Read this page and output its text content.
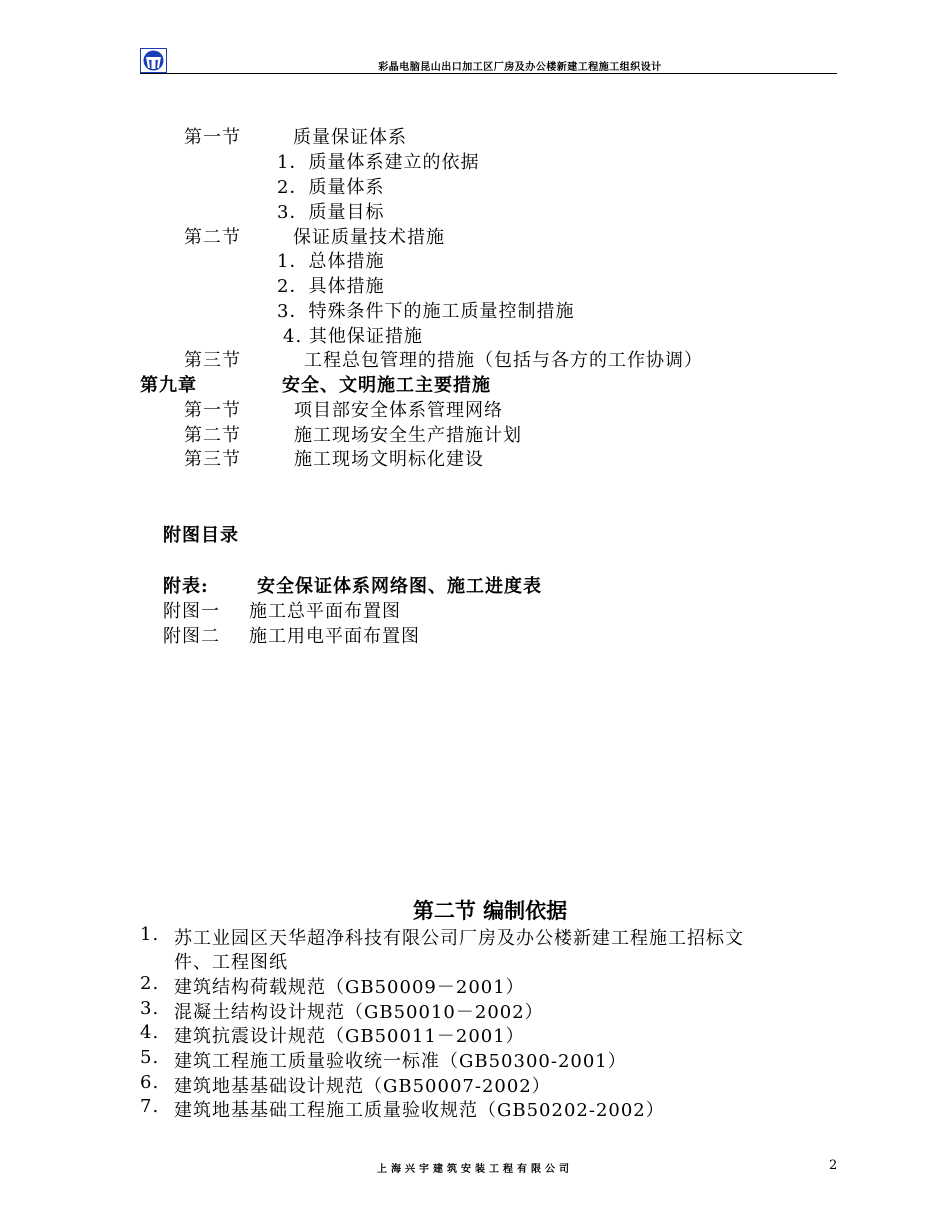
彩晶电脑昆山出口加工区厂房及办公楼新建工程施工组织设计
第一节	质量保证体系
1．质量体系建立的依据
2．质量体系
3．质量目标
第二节	保证质量技术措施
1．总体措施
2．具体措施
3．特殊条件下的施工质量控制措施
4. 其他保证措施
第三节	工程总包管理的措施（包括与各方的工作协调）
第九章	安全、文明施工主要措施
第一节	项目部安全体系管理网络
第二节	施工现场安全生产措施计划
第三节	施工现场文明标化建设
附图目录
附表:	安全保证体系网络图、施工进度表
附图一 施工总平面布置图
附图二 施工用电平面布置图
第二节 编制依据
1. 苏工业园区天华超净科技有限公司厂房及办公楼新建工程施工招标文
件、工程图纸
2. 建筑结构荷载规范（GB50009－2001）
3. 混凝土结构设计规范（GB50010－2002）
4. 建筑抗震设计规范（GB50011－2001）
5. 建筑工程施工质量验收统一标准（GB50300-2001）
6. 建筑地基基础设计规范（GB50007-2002）
7. 建筑地基基础工程施工质量验收规范（GB50202-2002）
上海兴宇建筑安装工程有限公司	2
